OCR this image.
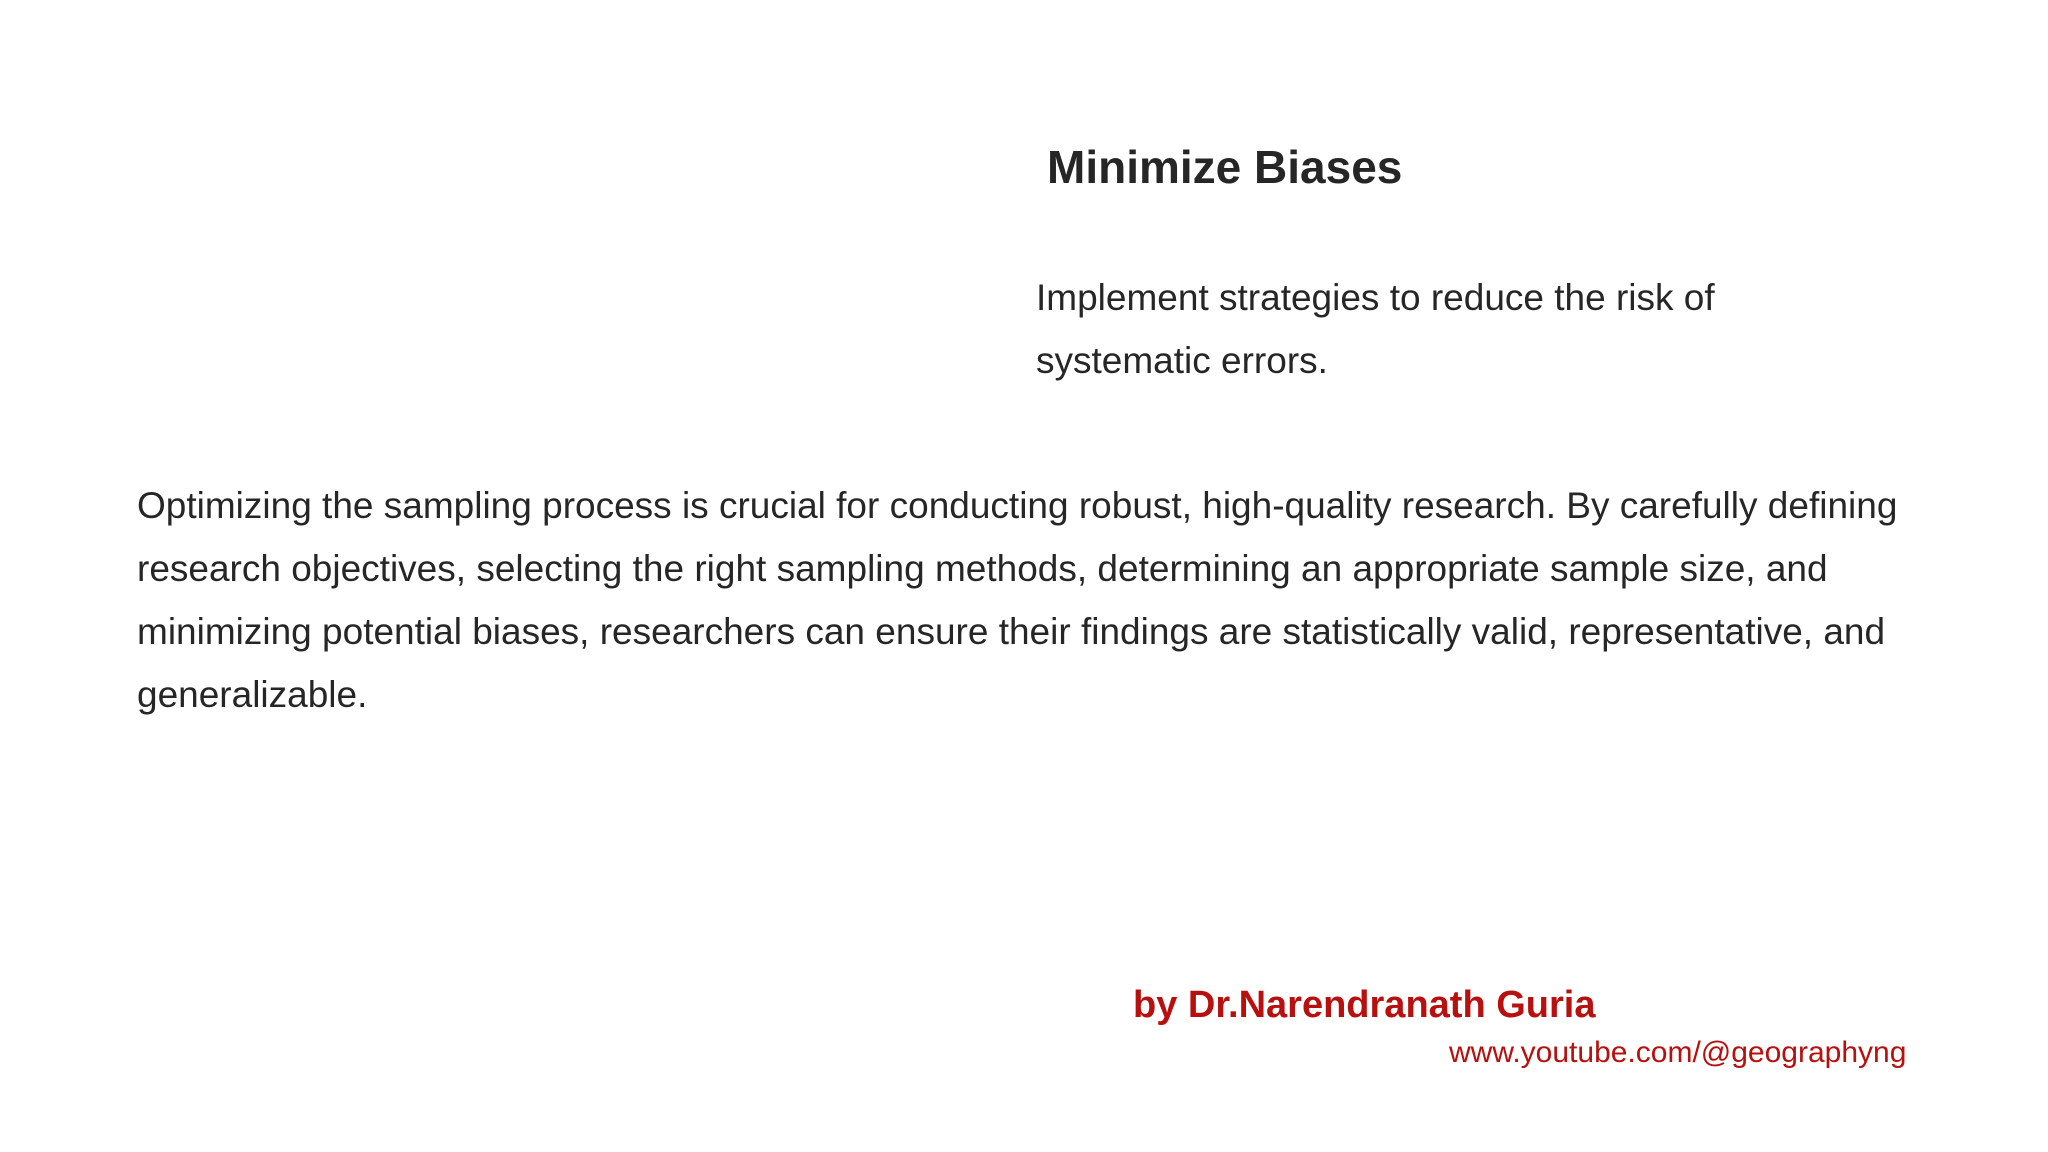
Minimize Biases

Implement strategies to reduce the risk of systematic errors.

Optimizing the sampling process is crucial for conducting robust, high-quality research. By carefully defining research objectives, selecting the right sampling methods, determining an appropriate sample size, and minimizing potential biases, researchers can ensure their findings are statistically valid, representative, and generalizable.

by Dr.Narendranath Guria

www.youtube.com/@geographyng
